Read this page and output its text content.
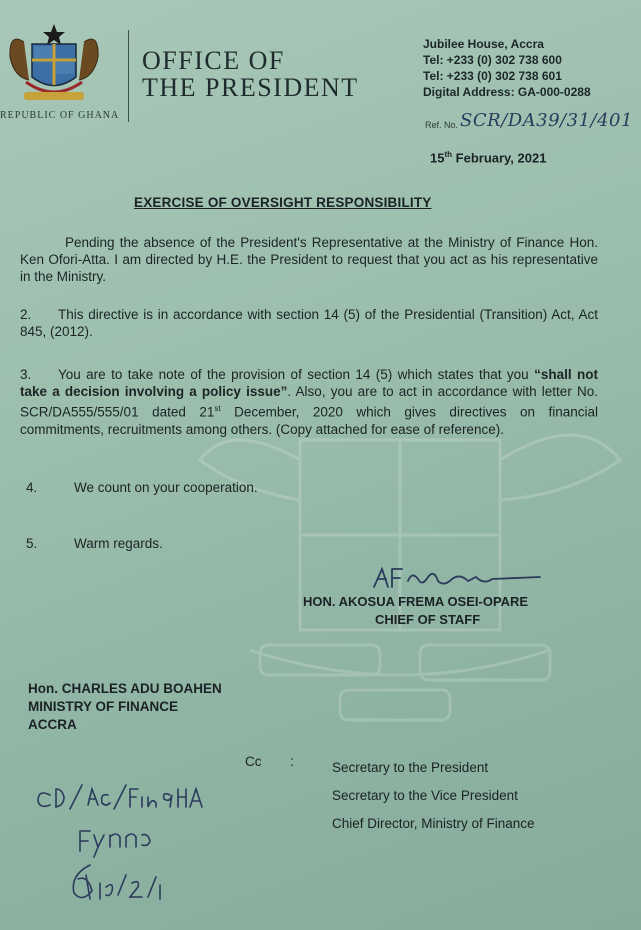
REPUBLIC OF GHANA
OFFICE OF
THE PRESIDENT
Jubilee House, Accra
Tel: +233 (0) 302 738 600
Tel: +233 (0) 302 738 601
Digital Address: GA-000-0288
Ref. No. SCR/DA39/31/401
15th February, 2021
EXERCISE OF OVERSIGHT RESPONSIBILITY
Pending the absence of the President's Representative at the Ministry of Finance Hon. Ken Ofori-Atta. I am directed by H.E. the President to request that you act as his representative in the Ministry.
2. This directive is in accordance with section 14 (5) of the Presidential (Transition) Act, Act 845, (2012).
3. You are to take note of the provision of section 14 (5) which states that you “shall not take a decision involving a policy issue”. Also, you are to act in accordance with letter No. SCR/DA555/555/01 dated 21st December, 2020 which gives directives on financial commitments, recruitments among others. (Copy attached for ease of reference).
4.	We count on your cooperation.
5.	Warm regards.
HON. AKOSUA FREMA OSEI-OPARE
CHIEF OF STAFF
Hon. CHARLES ADU BOAHEN
MINISTRY OF FINANCE
ACCRA
Cc :	Secretary to the President
Secretary to the Vice President
Chief Director, Ministry of Finance
